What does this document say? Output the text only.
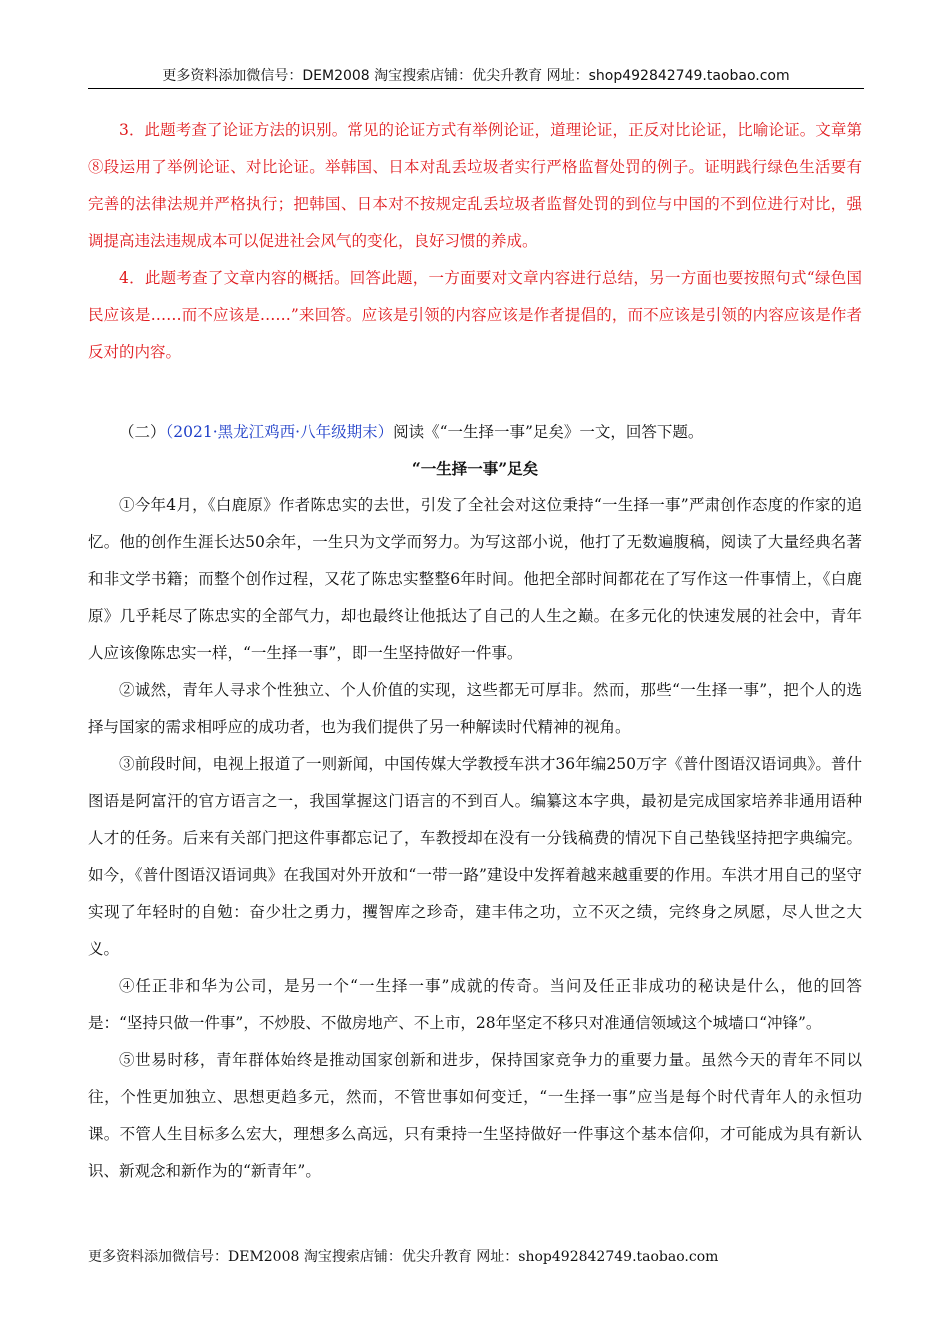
更多资料添加微信号：DEM2008 淘宝搜索店铺：优尖升教育 网址：shop492842749.taobao.com

3．此题考查了论证方法的识别。常见的论证方式有举例论证，道理论证，正反对比论证，比喻论证。文章第⑧段运用了举例论证、对比论证。举韩国、日本对乱丢垃圾者实行严格监督处罚的例子。证明践行绿色生活要有完善的法律法规并严格执行；把韩国、日本对不按规定乱丢垃圾者监督处罚的到位与中国的不到位进行对比，强调提高违法违规成本可以促进社会风气的变化，良好习惯的养成。

4．此题考查了文章内容的概括。回答此题，一方面要对文章内容进行总结，另一方面也要按照句式“绿色国民应该是……而不应该是……”来回答。应该是引领的内容应该是作者提倡的，而不应该是引领的内容应该是作者反对的内容。

（二）（2021·黑龙江鸡西·八年级期末）阅读《“一生择一事”足矣》一文，回答下题。

“一生择一事”足矣

①今年4月，《白鹿原》作者陈忠实的去世，引发了全社会对这位秉持“一生择一事”严肃创作态度的作家的追忆。他的创作生涯长达50余年，一生只为文学而努力。为写这部小说，他打了无数遍腹稿，阅读了大量经典名著和非文学书籍；而整个创作过程，又花了陈忠实整整6年时间。他把全部时间都花在了写作这一件事情上，《白鹿原》几乎耗尽了陈忠实的全部气力，却也最终让他抵达了自己的人生之巅。在多元化的快速发展的社会中，青年人应该像陈忠实一样，“一生择一事”，即一生坚持做好一件事。

②诚然，青年人寻求个性独立、个人价值的实现，这些都无可厚非。然而，那些“一生择一事”，把个人的选择与国家的需求相呼应的成功者，也为我们提供了另一种解读时代精神的视角。

③前段时间，电视上报道了一则新闻，中国传媒大学教授车洪才36年编250万字《普什图语汉语词典》。普什图语是阿富汗的官方语言之一，我国掌握这门语言的不到百人。编纂这本字典，最初是完成国家培养非通用语种人才的任务。后来有关部门把这件事都忘记了，车教授却在没有一分钱稿费的情况下自己垫钱坚持把字典编完。如今，《普什图语汉语词典》在我国对外开放和“一带一路”建设中发挥着越来越重要的作用。车洪才用自己的坚守实现了年轻时的自勉：奋少壮之勇力，攫智库之珍奇，建丰伟之功，立不灭之绩，完终身之夙愿，尽人世之大义。

④任正非和华为公司，是另一个“一生择一事”成就的传奇。当问及任正非成功的秘诀是什么，他的回答是：“坚持只做一件事”，不炒股、不做房地产、不上市，28年坚定不移只对准通信领域这个城墙口“冲锋”。

⑤世易时移，青年群体始终是推动国家创新和进步，保持国家竞争力的重要力量。虽然今天的青年不同以往，个性更加独立、思想更趋多元，然而，不管世事如何变迁，“一生择一事”应当是每个时代青年人的永恒功课。不管人生目标多么宏大，理想多么高远，只有秉持一生坚持做好一件事这个基本信仰，才可能成为具有新认识、新观念和新作为的“新青年”。

更多资料添加微信号：DEM2008 淘宝搜索店铺：优尖升教育 网址：shop492842749.taobao.com
